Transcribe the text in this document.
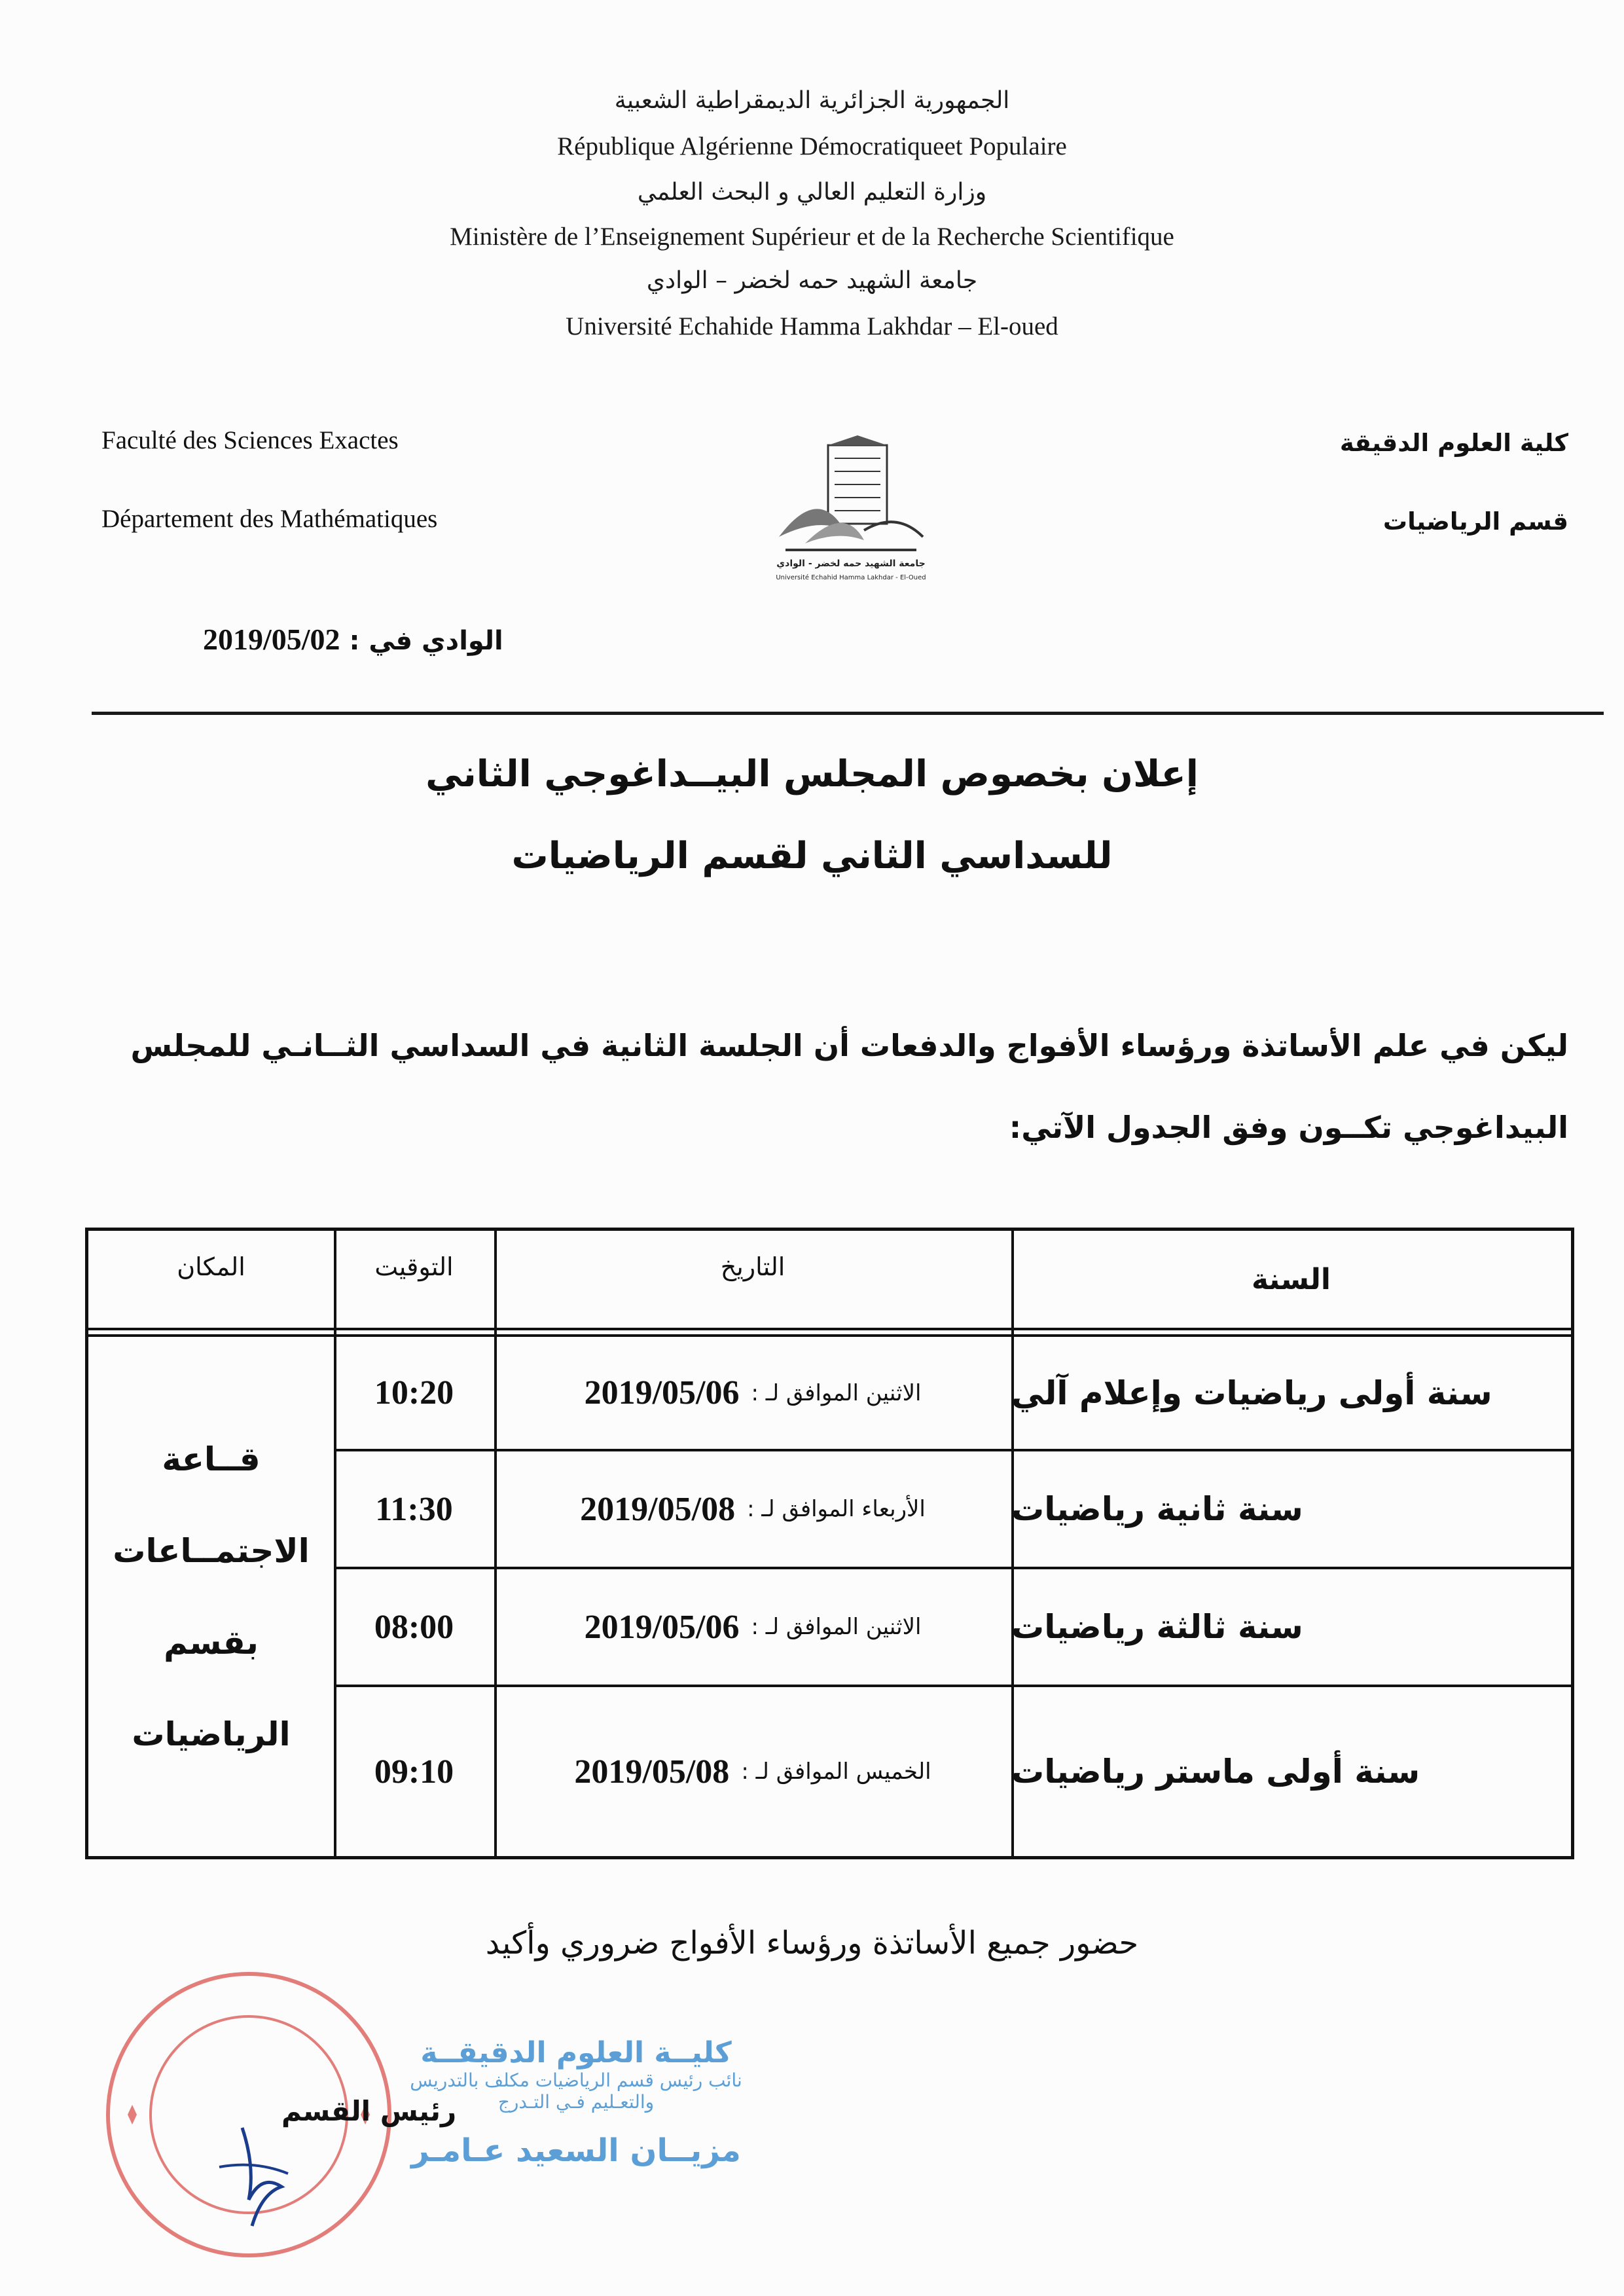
الجمهورية الجزائرية الديمقراطية الشعبية
République Algérienne Démocratiqueet Populaire
وزارة التعليم العالي و البحث العلمي
Ministère de l’Enseignement Supérieur et de la Recherche Scientifique
جامعة الشهيد حمه لخضر – الوادي
Université Echahide Hamma Lakhdar – El-oued
Faculté des Sciences Exactes
Département des Mathématiques
كلية العلوم الدقيقة
قسم الرياضيات
جامعة الشهيد حمه لخضر - الوادي
Université Echahid Hamma Lakhdar - El-Oued
الوادي في : 2019/05/02
إعلان بخصوص المجلس البيــداغوجي الثاني
للسداسي الثاني لقسم الرياضيات
ليكن في علم الأساتذة ورؤساء الأفواج والدفعات أن الجلسة الثانية في السداسي الثــانـي للمجلس
البيداغوجي تكــون وفق الجدول الآتي:
السنة
التاريخ
التوقيت
المكان
سنة أولى رياضيات وإعلام آلي
الاثنين الموافق لـ :
2019/05/06
10:20
سنة ثانية رياضيات
الأربعاء الموافق لـ :
2019/05/08
11:30
سنة ثالثة رياضيات
الاثنين الموافق لـ :
2019/05/06
08:00
سنة أولى ماستر رياضيات
الخميس الموافق لـ :
2019/05/08
09:10
قــاعة
الاجتمــاعات
بقسم
الرياضيات
حضور جميع الأساتذة ورؤساء الأفواج ضروري وأكيد
كليــة العلوم الدقيقــة
نائب رئيس قسم الرياضيات مكلف بالتدريس
والتعـليم فـي التـدرج
مزيــان السعيد عـامـر
رئيس القسم
